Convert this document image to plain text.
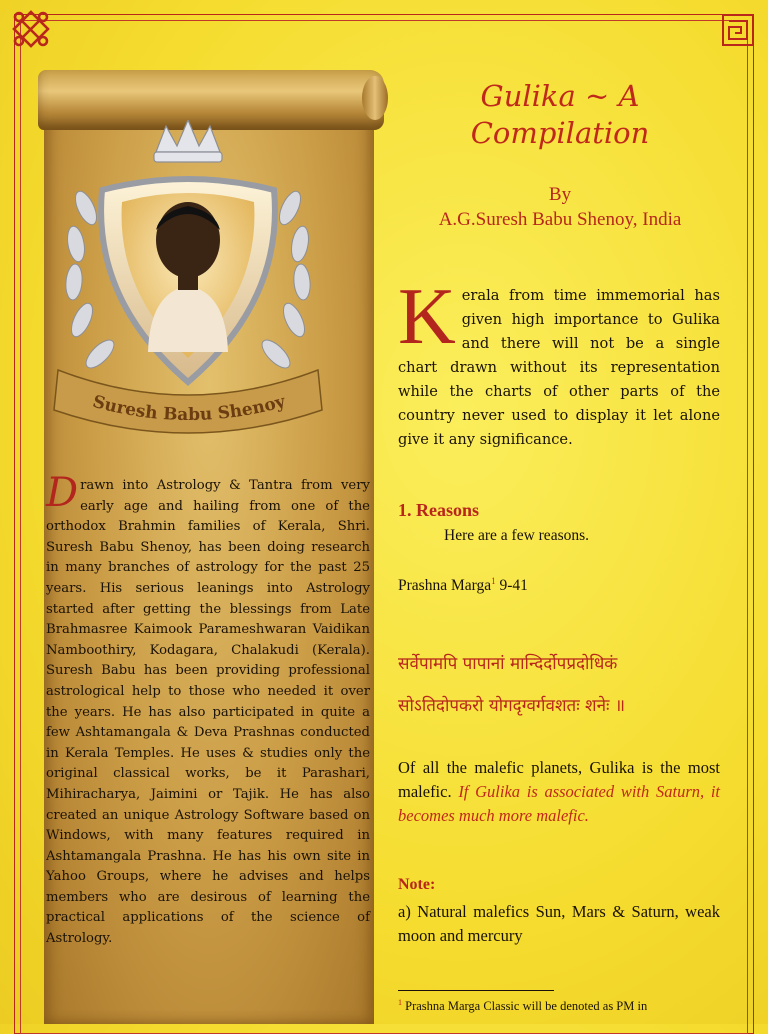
Suresh Babu Shenoy
Drawn into Astrology & Tantra from very early age and hailing from one of the orthodox Brahmin families of Kerala, Shri. Suresh Babu Shenoy, has been doing research in many branches of astrology for the past 25 years. His serious leanings into Astrology started after getting the blessings from Late Brahmasree Kaimook Parameshwaran Vaidikan Namboothiry, Kodagara, Chalakudi (Kerala). Suresh Babu has been providing professional astrological help to those who needed it over the years. He has also participated in quite a few Ashtamangala & Deva Prashnas conducted in Kerala Temples. He uses & studies only the original classical works, be it Parashari, Mihiracharya, Jaimini or Tajik. He has also created an unique Astrology Software based on Windows, with many features required in Ashtamangala Prashna. He has his own site in Yahoo Groups, where he advises and helps members who are desirous of learning the practical applications of the science of Astrology.
Gulika ~ A
Compilation
By
A.G.Suresh Babu Shenoy, India
Kerala from time immemorial has given high importance to Gulika and there will not be a single chart drawn without its representation while the charts of other parts of the country never used to display it let alone give it any significance.
1. Reasons
Here are a few reasons.
Prashna Marga$^1$ 9-41
सर्वेपामपि पापानां मान्दिर्दोपप्रदोधिकं
सोऽतिदोपकरो योगदृग्वर्गवशतः शनेः ॥
Of all the malefic planets, Gulika is the most malefic. If Gulika is associated with Saturn, it becomes much more malefic.
Note:
a) Natural malefics Sun, Mars & Saturn, weak moon and mercury
$^1$ Prashna Marga Classic will be denoted as PM in
